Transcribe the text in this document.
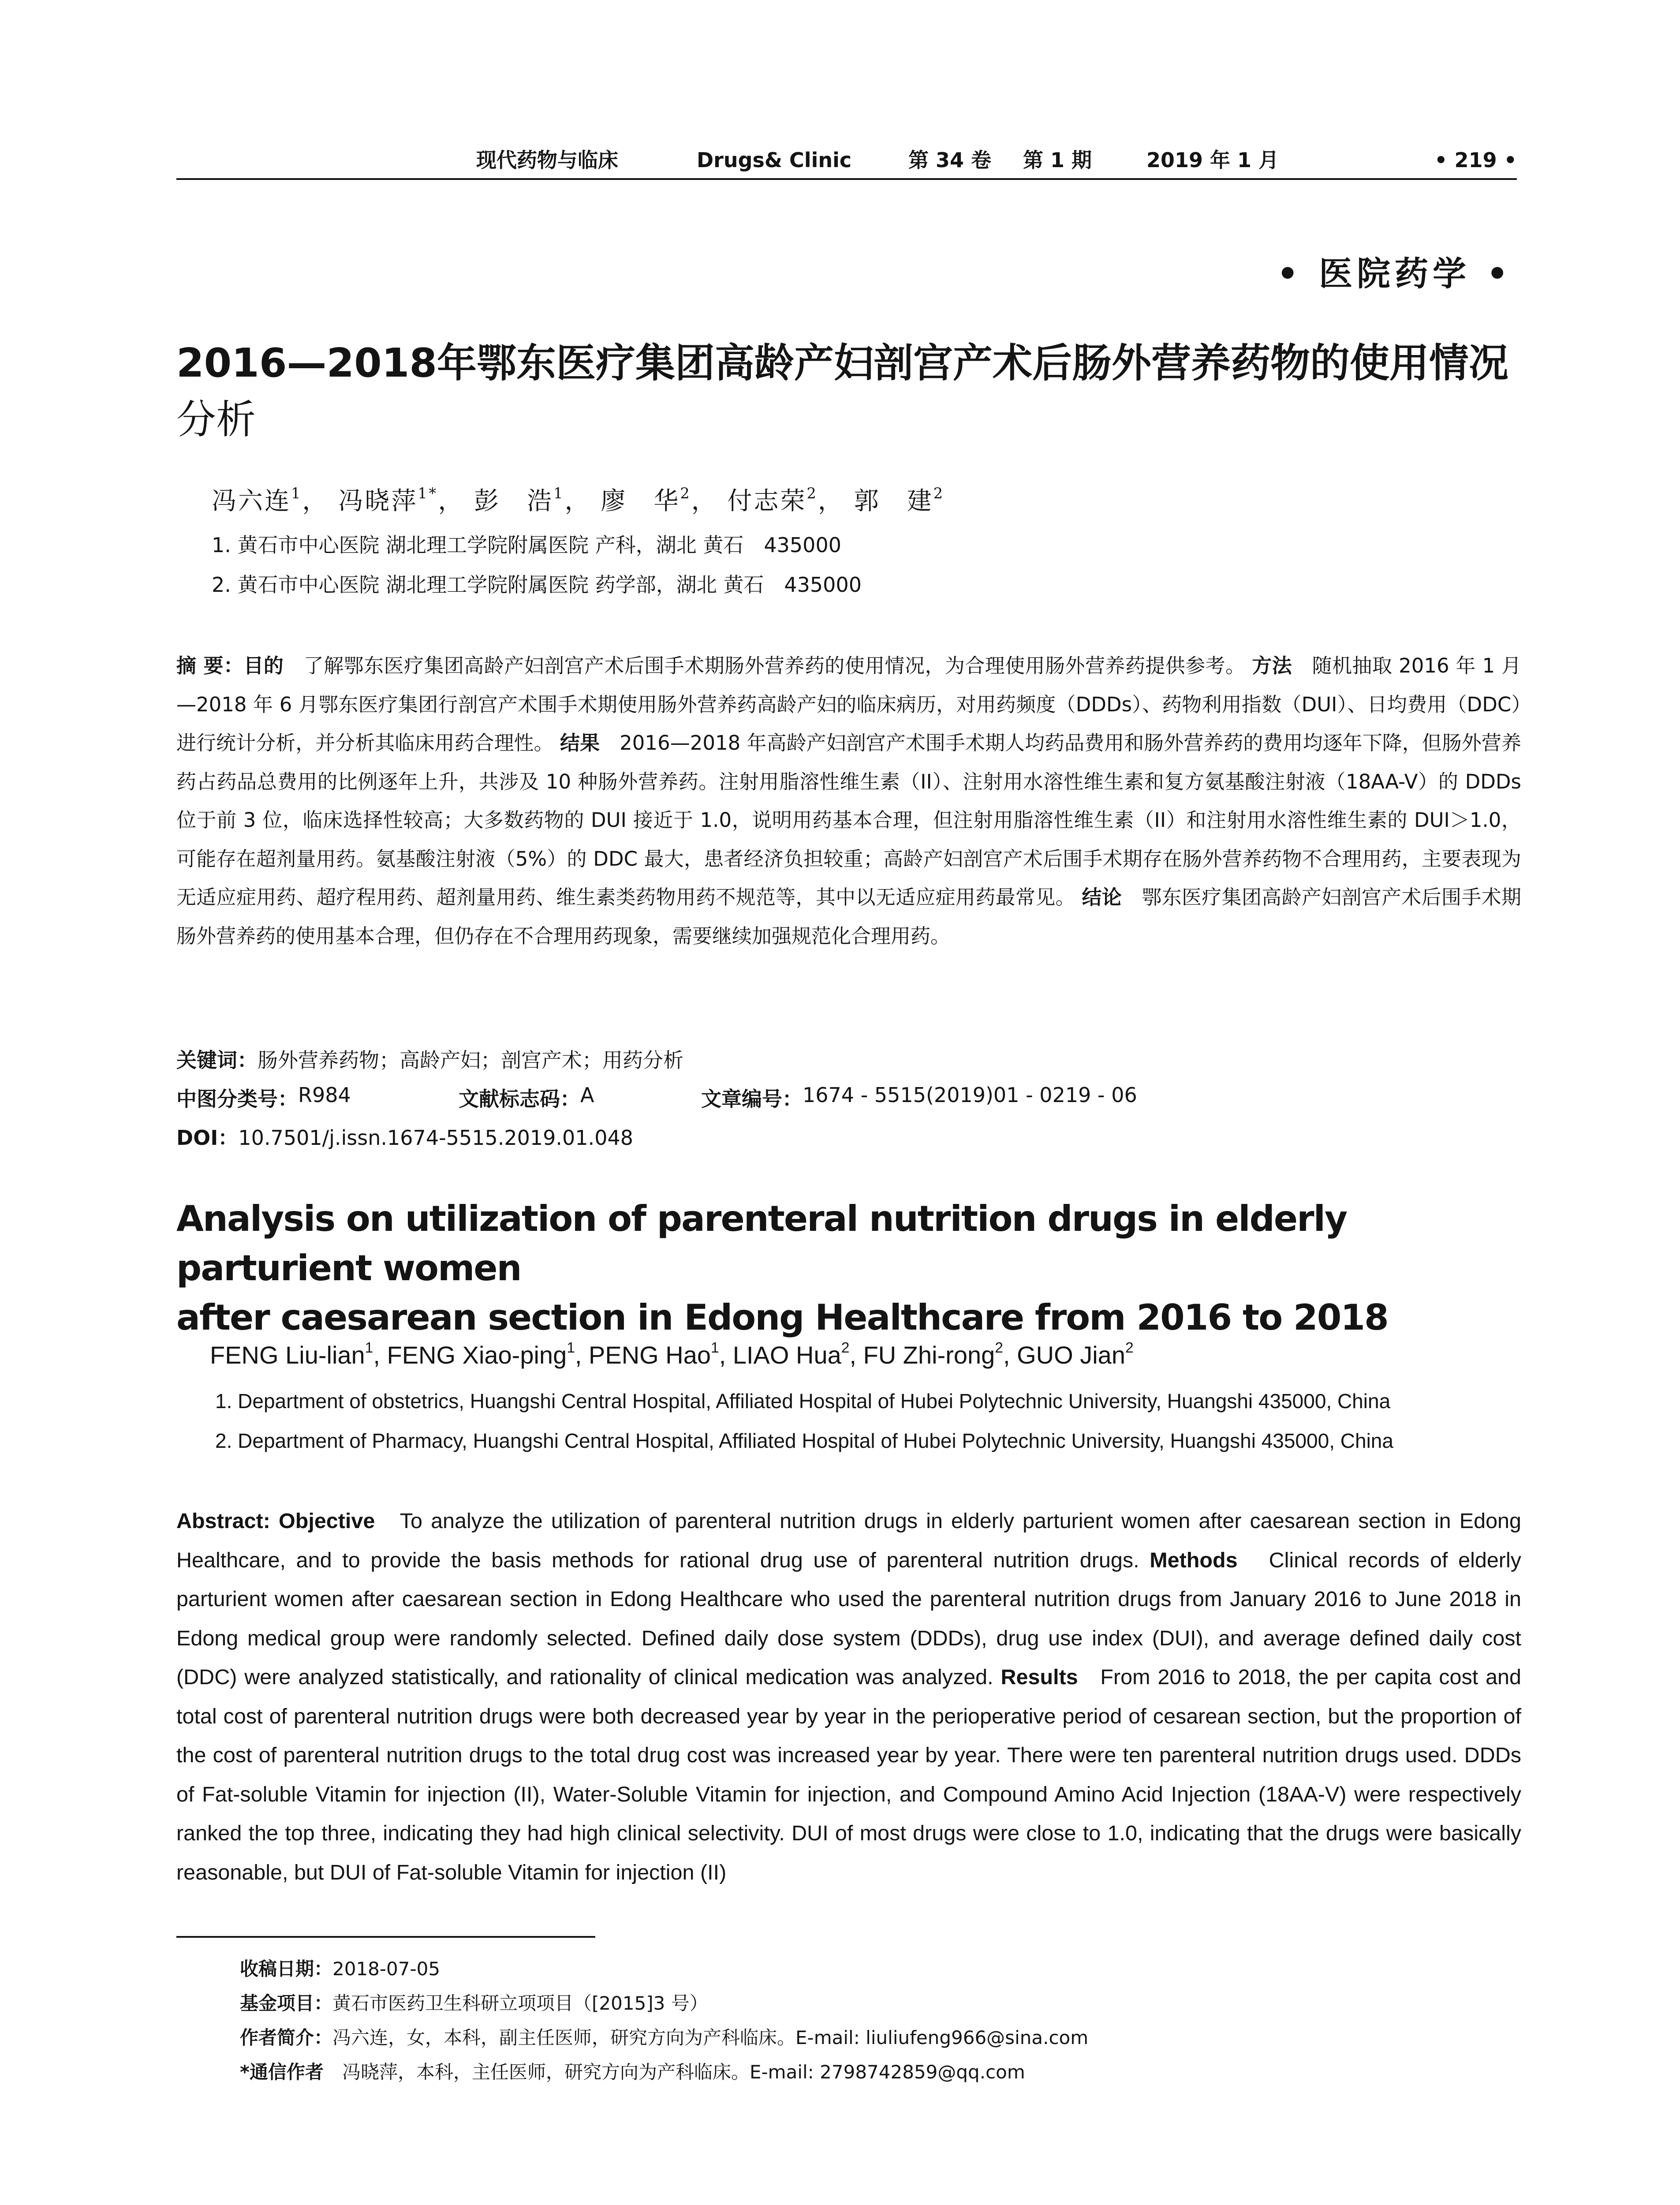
现代药物与临床	Drugs& Clinic	第 34 卷 第 1 期	2019 年 1 月	• 219 •
• 医院药学 •
2016—2018年鄂东医疗集团高龄产妇剖宫产术后肠外营养药物的使用情况
分析
冯六连$^1$， 冯晓萍$^{1*}$， 彭　浩$^1$， 廖　华$^2$， 付志荣$^2$， 郭　建$^2$
1. 黄石市中心医院 湖北理工学院附属医院 产科，湖北 黄石　435000
2. 黄石市中心医院 湖北理工学院附属医院 药学部，湖北 黄石　435000
摘 要：目的　 了解鄂东医疗集团高龄产妇剖宫产术后围手术期肠外营养药的使用情况，为合理使用肠外营养药提供参考。 方法　 随机抽取 2016 年 1 月—2018 年 6 月鄂东医疗集团行剖宫产术围手术期使用肠外营养药高龄产妇的临床病历，对用药频度（DDDs）、药物利用指数（DUI）、日均费用（DDC）进行统计分析，并分析其临床用药合理性。 结果　 2016—2018 年高龄产妇剖宫产术围手术期人均药品费用和肠外营养药的费用均逐年下降，但肠外营养药占药品总费用的比例逐年上升，共涉及 10 种肠外营养药。注射用脂溶性维生素（II）、注射用水溶性维生素和复方氨基酸注射液（18AA-V）的 DDDs 位于前 3 位，临床选择性较高；大多数药物的 DUI 接近于 1.0，说明用药基本合理，但注射用脂溶性维生素（II）和注射用水溶性维生素的 DUI＞1.0，可能存在超剂量用药。氨基酸注射液（5%）的 DDC 最大，患者经济负担较重；高龄产妇剖宫产术后围手术期存在肠外营养药物不合理用药，主要表现为无适应症用药、超疗程用药、超剂量用药、维生素类药物用药不规范等，其中以无适应症用药最常见。 结论　 鄂东医疗集团高龄产妇剖宫产术后围手术期肠外营养药的使用基本合理，但仍存在不合理用药现象，需要继续加强规范化合理用药。
关键词：肠外营养药物；高龄产妇；剖宫产术；用药分析
中图分类号： R984	文献标志码： A	文章编号： 1674 - 5515(2019)01 - 0219 - 06
DOI：10.7501/j.issn.1674-5515.2019.01.048
Analysis on utilization of parenteral nutrition drugs in elderly parturient women
after caesarean section in Edong Healthcare from 2016 to 2018
FENG Liu-lian$^1$, FENG Xiao-ping$^1$, PENG Hao$^1$, LIAO Hua$^2$, FU Zhi-rong$^2$, GUO Jian$^2$
1. Department of obstetrics, Huangshi Central Hospital, Affiliated Hospital of Hubei Polytechnic University, Huangshi 435000, China
2. Department of Pharmacy, Huangshi Central Hospital, Affiliated Hospital of Hubei Polytechnic University, Huangshi 435000, China
Abstract: Objective To analyze the utilization of parenteral nutrition drugs in elderly parturient women after caesarean section in Edong Healthcare, and to provide the basis methods for rational drug use of parenteral nutrition drugs. Methods Clinical records of elderly parturient women after caesarean section in Edong Healthcare who used the parenteral nutrition drugs from January 2016 to June 2018 in Edong medical group were randomly selected. Defined daily dose system (DDDs), drug use index (DUI), and average defined daily cost (DDC) were analyzed statistically, and rationality of clinical medication was analyzed. Results From 2016 to 2018, the per capita cost and total cost of parenteral nutrition drugs were both decreased year by year in the perioperative period of cesarean section, but the proportion of the cost of parenteral nutrition drugs to the total drug cost was increased year by year. There were ten parenteral nutrition drugs used. DDDs of Fat-soluble Vitamin for injection (II), Water-Soluble Vitamin for injection, and Compound Amino Acid Injection (18AA-V) were respectively ranked the top three, indicating they had high clinical selectivity. DUI of most drugs were close to 1.0, indicating that the drugs were basically reasonable, but DUI of Fat-soluble Vitamin for injection (II)
收稿日期：2018-07-05
基金项目：黄石市医药卫生科研立项项目（[2015]3 号）
作者简介：冯六连，女，本科，副主任医师，研究方向为产科临床。E-mail: liuliufeng966@sina.com
*通信作者　 冯晓萍，本科，主任医师，研究方向为产科临床。E-mail: 2798742859@qq.com
